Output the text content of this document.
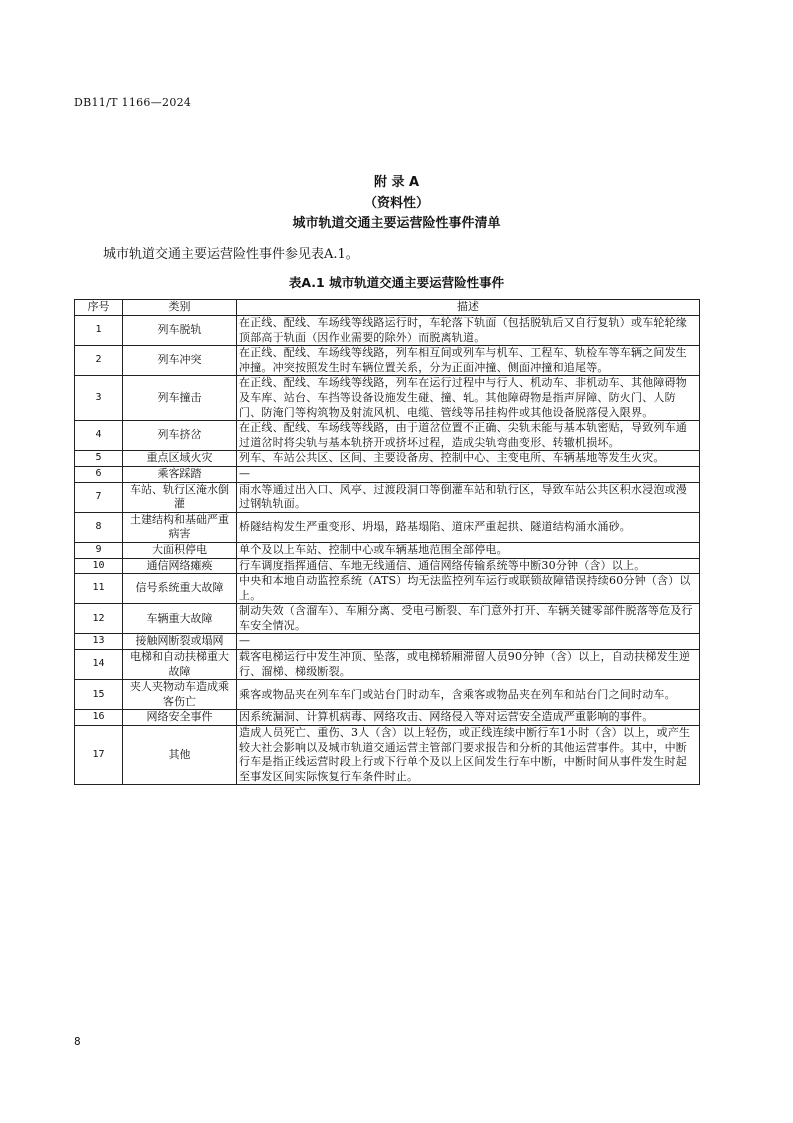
DB11/T 1166—2024
附 录 A
（资料性）
城市轨道交通主要运营险性事件清单
城市轨道交通主要运营险性事件参见表A.1。
表A.1 城市轨道交通主要运营险性事件
序号	类别	描述
1	列车脱轨	在正线、配线、车场线等线路运行时，车轮落下轨面（包括脱轨后又自行复轨）或车轮轮缘顶部高于轨面（因作业需要的除外）而脱离轨道。
2	列车冲突	在正线、配线、车场线等线路，列车相互间或列车与机车、工程车、轨检车等车辆之间发生冲撞。冲突按照发生时车辆位置关系，分为正面冲撞、侧面冲撞和追尾等。
3	列车撞击	在正线、配线、车场线等线路，列车在运行过程中与行人、机动车、非机动车、其他障碍物及车库、站台、车挡等设备设施发生碰、撞、轧。其他障碍物是指声屏障、防火门、人防门、防淹门等构筑物及射流风机、电缆、管线等吊挂构件或其他设备脱落侵入限界。
4	列车挤岔	在正线、配线、车场线等线路，由于道岔位置不正确、尖轨未能与基本轨密贴，导致列车通过道岔时将尖轨与基本轨挤开或挤坏过程，造成尖轨弯曲变形、转辙机损坏。
5	重点区域火灾	列车、车站公共区、区间、主要设备房、控制中心、主变电所、车辆基地等发生火灾。
6	乘客踩踏	—
7	车站、轨行区淹水倒灌	雨水等通过出入口、风亭、过渡段洞口等倒灌车站和轨行区，导致车站公共区积水浸泡或漫过钢轨轨面。
8	土建结构和基础严重病害	桥隧结构发生严重变形、坍塌，路基塌陷、道床严重起拱、隧道结构涌水涌砂。
9	大面积停电	单个及以上车站、控制中心或车辆基地范围全部停电。
10	通信网络瘫痪	行车调度指挥通信、车地无线通信、通信网络传输系统等中断30分钟（含）以上。
11	信号系统重大故障	中央和本地自动监控系统（ATS）均无法监控列车运行或联锁故障错误持续60分钟（含）以上。
12	车辆重大故障	制动失效（含溜车）、车厢分离、受电弓断裂、车门意外打开、车辆关键零部件脱落等危及行车安全情况。
13	接触网断裂或塌网	—
14	电梯和自动扶梯重大故障	载客电梯运行中发生冲顶、坠落，或电梯轿厢滞留人员90分钟（含）以上，自动扶梯发生逆行、溜梯、梯级断裂。
15	夹人夹物动车造成乘客伤亡	乘客或物品夹在列车车门或站台门时动车，含乘客或物品夹在列车和站台门之间时动车。
16	网络安全事件	因系统漏洞、计算机病毒、网络攻击、网络侵入等对运营安全造成严重影响的事件。
17	其他	造成人员死亡、重伤、3人（含）以上轻伤，或正线连续中断行车1小时（含）以上，或产生较大社会影响以及城市轨道交通运营主管部门要求报告和分析的其他运营事件。其中，中断行车是指正线运营时段上行或下行单个及以上区间发生行车中断，中断时间从事件发生时起至事发区间实际恢复行车条件时止。
8
